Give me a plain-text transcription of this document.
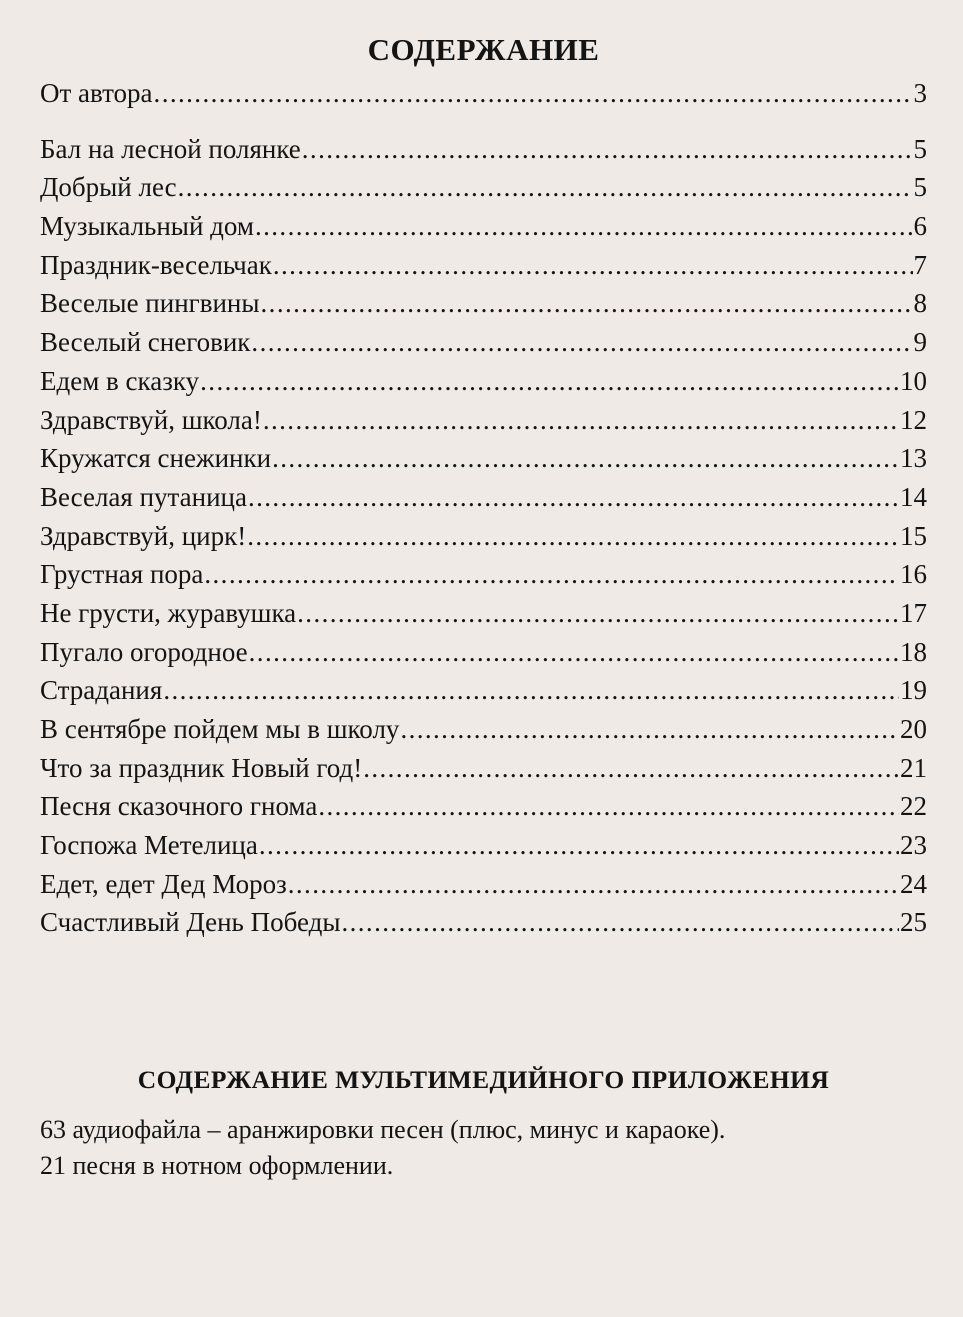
СОДЕРЖАНИЕ
От автора .....	3
Бал на лесной полянке .....	5
Добрый лес .....	5
Музыкальный дом .....	6
Праздник-весельчак .....	7
Веселые пингвины .....	8
Веселый снеговик .....	9
Едем в сказку .....	10
Здравствуй, школа! .....	12
Кружатся снежинки .....	13
Веселая путаница .....	14
Здравствуй, цирк! .....	15
Грустная пора .....	16
Не грусти, журавушка .....	17
Пугало огородное .....	18
Страдания .....	19
В сентябре пойдем мы в школу .....	20
Что за праздник Новый год! .....	21
Песня сказочного гнома .....	22
Госпожа Метелица .....	23
Едет, едет Дед Мороз .....	24
Счастливый День Победы .....	25
СОДЕРЖАНИЕ МУЛЬТИМЕДИЙНОГО ПРИЛОЖЕНИЯ

63 аудиофайла – аранжировки песен (плюс, минус и караоке).

21 песня в нотном оформлении.
